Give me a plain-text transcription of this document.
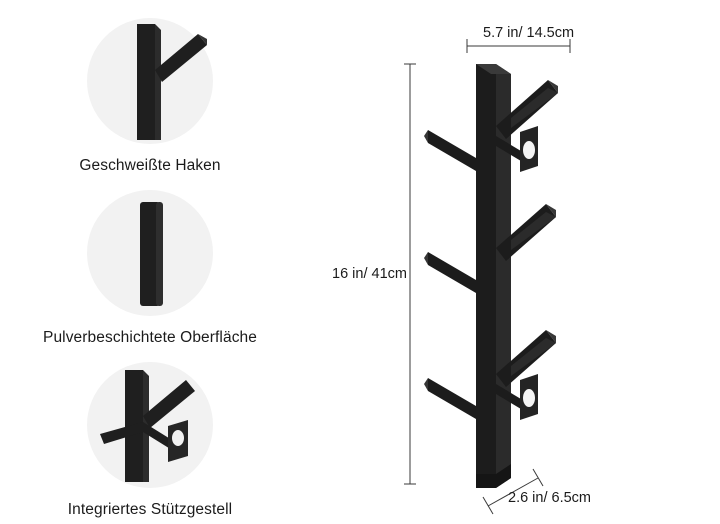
Geschweißte Haken
Pulverbeschichtete Oberfläche
Integriertes Stützgestell
5.7 in/ 14.5cm
16 in/ 41cm
2.6 in/ 6.5cm
